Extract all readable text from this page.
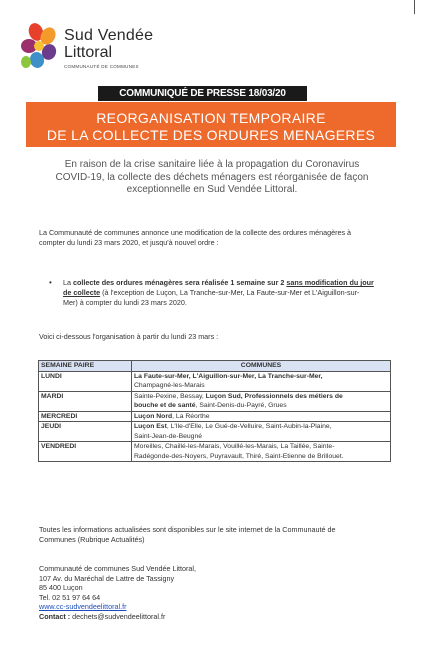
Sud Vendée
Littoral
COMMUNAUTÉ DE COMMUNES
COMMUNIQUÉ DE PRESSE 18/03/20
REORGANISATION TEMPORAIRE
DE LA COLLECTE DES ORDURES MENAGERES
En raison de la crise sanitaire liée à la propagation du Coronavirus
COVID-19, la collecte des déchets ménagers est réorganisée de façon
exceptionnelle en Sud Vendée Littoral.
La Communauté de communes annonce une modification de la collecte des ordures ménagères à
compter du lundi 23 mars 2020, et jusqu'à nouvel ordre :
• La collecte des ordures ménagères sera réalisée 1 semaine sur 2 sans modification du jour
de collecte (à l'exception de Luçon, La Tranche-sur-Mer, La Faute-sur-Mer et L'Aiguillon-sur-
Mer) à compter du lundi 23 mars 2020.
Voici ci-dessous l'organisation à partir du lundi 23 mars :
SEMAINE PAIRE	COMMUNES
LUNDI	La Faute-sur-Mer, L'Aiguillon-sur-Mer, La Tranche-sur-Mer,
Champagné-les-Marais

MARDI	Sainte-Pexine, Bessay, Luçon Sud, Professionnels des métiers de
bouche et de santé, Saint-Denis-du-Payré, Grues

MERCREDI	Luçon Nord, La Réorthe

JEUDI	Luçon Est, L'Ile-d'Elle, Le Gué-de-Velluire, Saint-Aubin-la-Plaine,
Saint-Jean-de-Beugné

VENDREDI	Moreilles, Chaillé-les-Marais, Vouillé-les-Marais, La Taillée, Sainte-
Radégonde-des-Noyers, Puyravault, Thiré, Saint-Etienne de Brillouet.
Toutes les informations actualisées sont disponibles sur le site internet de la Communauté de
Communes (Rubrique Actualités)
Communauté de communes Sud Vendée Littoral,
107 Av. du Maréchal de Lattre de Tassigny
85 400 Luçon
Tel. 02 51 97 64 64
www.cc-sudvendeelittoral.fr
Contact : dechets@sudvendeelittoral.fr
